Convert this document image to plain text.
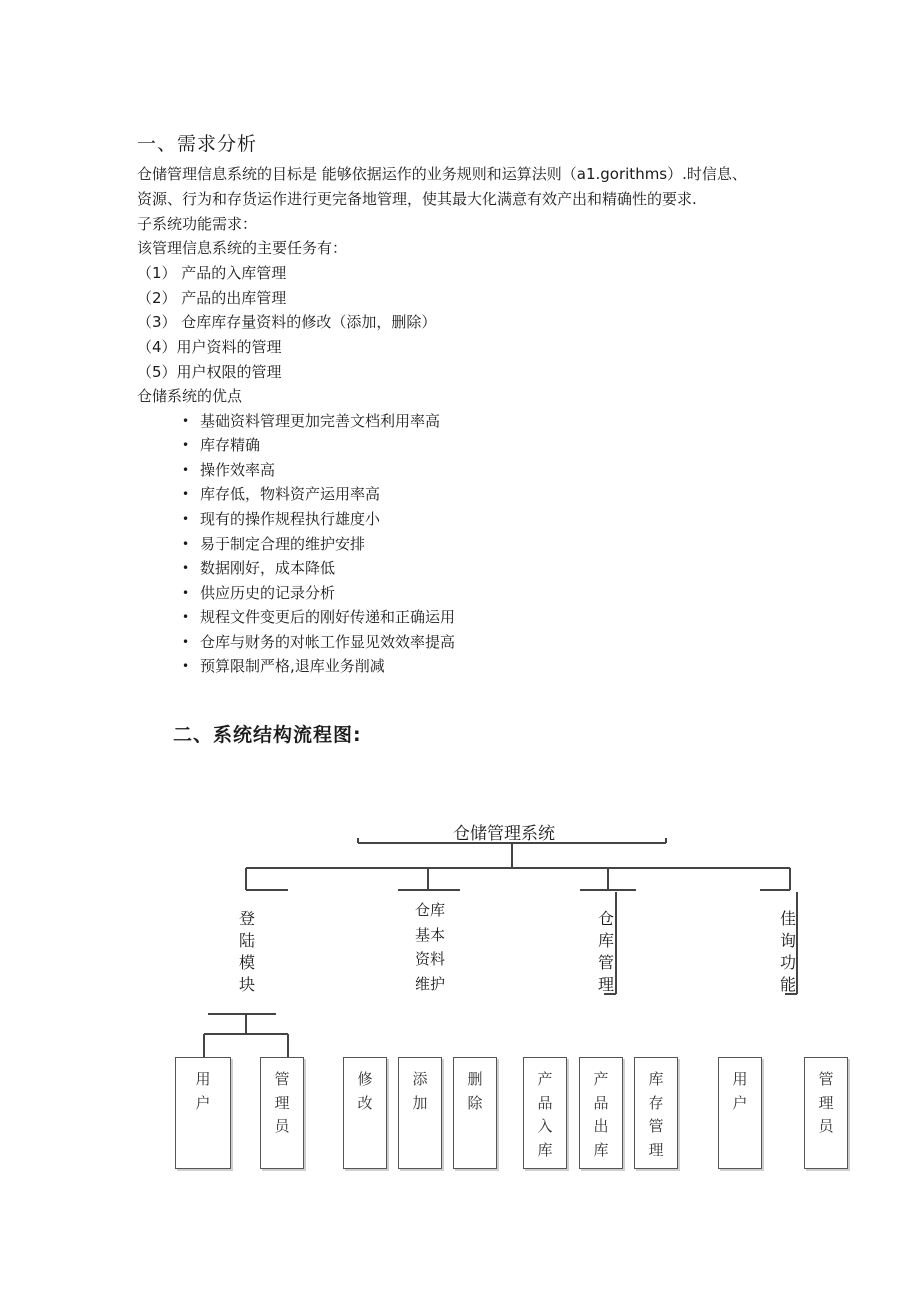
一、需求分析
仓储管理信息系统的目标是 能够依据运作的业务规则和运算法则（a1.gorithms）.时信息、
资源、行为和存货运作进行更完备地管理，使其最大化满意有效产出和精确性的要求.
子系统功能需求：
该管理信息系统的主要任务有：
（1） 产品的入库管理
（2） 产品的出库管理
（3） 仓库库存量资料的修改（添加，删除）
（4）用户资料的管理
（5）用户权限的管理
仓储系统的优点
• 基础资料管理更加完善文档利用率高
• 库存精确
• 操作效率高
• 库存低，物料资产运用率高
• 现有的操作规程执行雄度小
• 易于制定合理的维护安排
• 数据刚好，成本降低
• 供应历史的记录分析
• 规程文件变更后的刚好传递和正确运用
• 仓库与财务的对帐工作显见效效率提高
• 预算限制严格,退库业务削减
二、系统结构流程图:
仓储管理系统
登陆模块
仓库
基本
资料
维护
仓库管理
佳询功能
用户
管理员
修改
添加
删除
产品入库
产品出库
库存管理
用户
管理员
